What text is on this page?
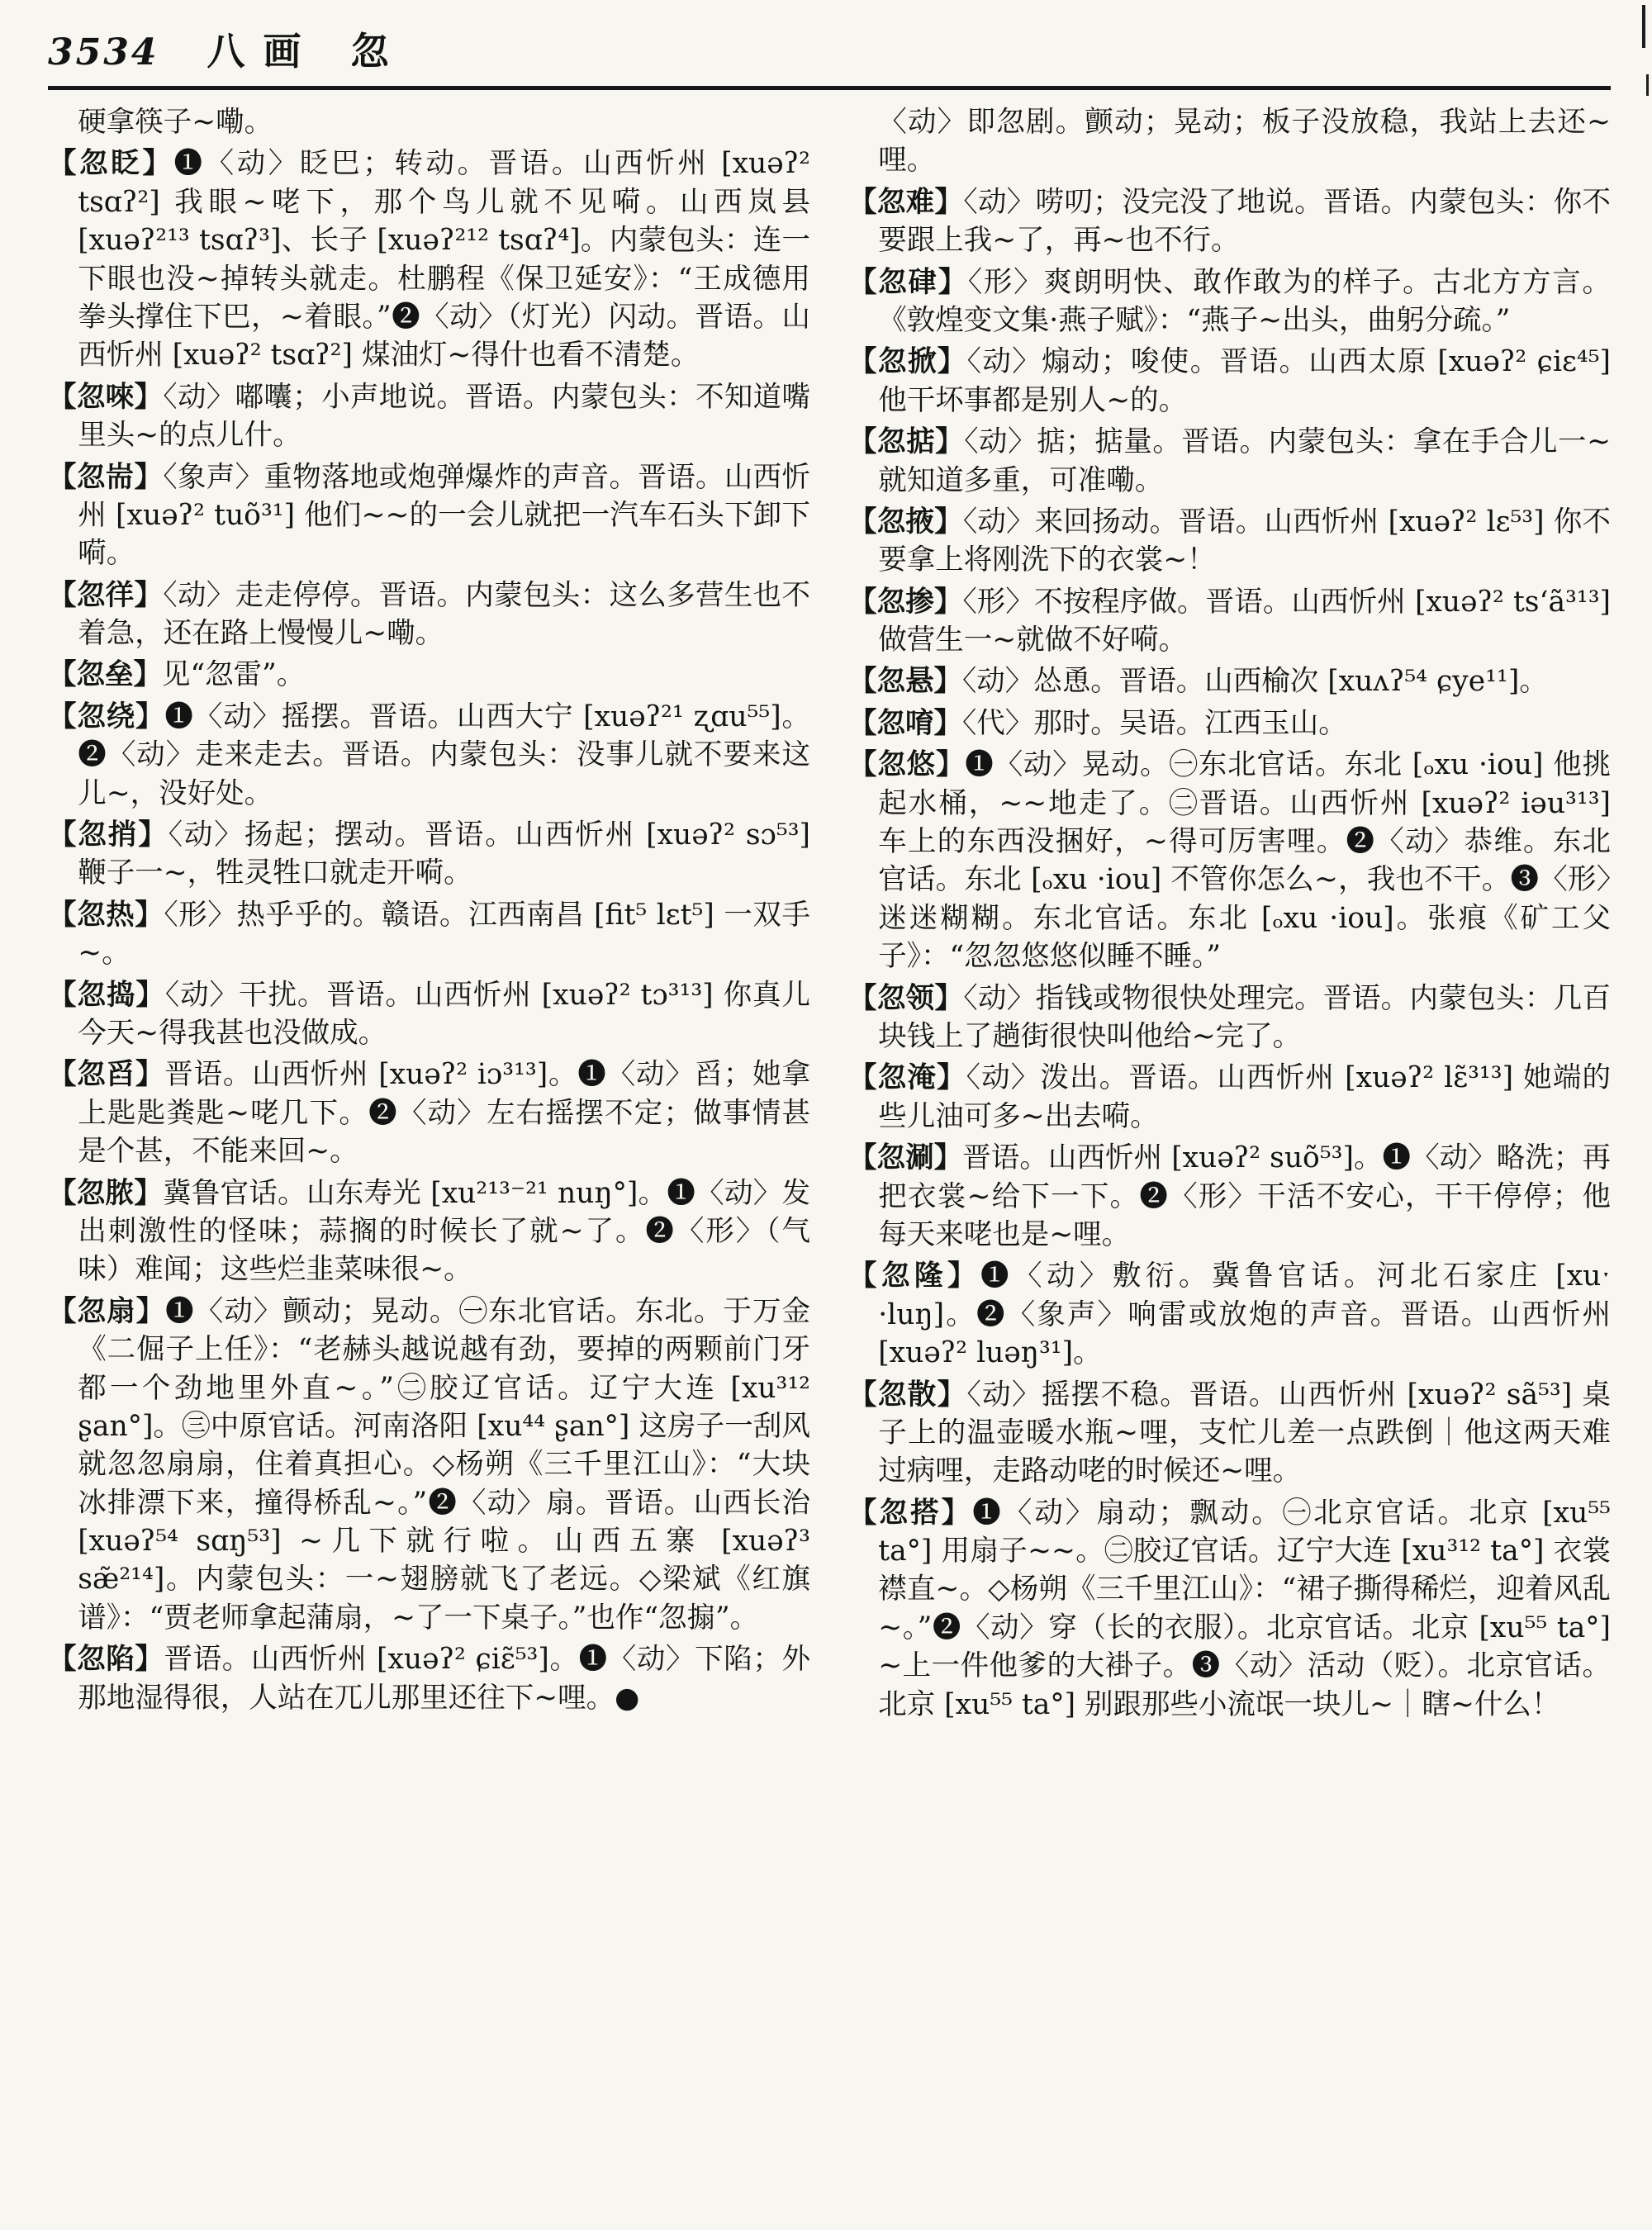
3534 八画 忽

硬拿筷子~嘞。

【忽眨】❶〈动〉眨巴；转动。晋语。山西忻州 [xuəʔ² tsɑʔ²] 我眼~咾下，那个鸟儿就不见嗬。山西岚县 [xuəʔ²¹³ tsɑʔ³]、长子 [xuəʔ²¹² tsɑʔ⁴]。内蒙包头：连一下眼也没~掉转头就走。杜鹏程《保卫延安》：“王成德用拳头撑住下巴，~着眼。”❷〈动〉（灯光）闪动。晋语。山西忻州 [xuəʔ² tsɑʔ²] 煤油灯~得什也看不清楚。

【忽唻】〈动〉嘟囔；小声地说。晋语。内蒙包头：不知道嘴里头~的点儿什。

【忽耑】〈象声〉重物落地或炮弹爆炸的声音。晋语。山西忻州 [xuəʔ² tuõ³¹] 他们~~的一会儿就把一汽车石头下卸下嗬。

【忽徉】〈动〉走走停停。晋语。内蒙包头：这么多营生也不着急，还在路上慢慢儿~嘞。

【忽垒】见“忽雷”。

【忽绕】❶〈动〉摇摆。晋语。山西大宁 [xuəʔ²¹ ʐɑu⁵⁵]。❷〈动〉走来走去。晋语。内蒙包头：没事儿就不要来这儿~，没好处。

【忽捎】〈动〉扬起；摆动。晋语。山西忻州 [xuəʔ² sɔ⁵³] 鞭子一~，牲灵牲口就走开嗬。

【忽热】〈形〉热乎乎的。赣语。江西南昌 [fit⁵ lɛt⁵] 一双手~。

【忽捣】〈动〉干扰。晋语。山西忻州 [xuəʔ² tɔ³¹³] 你真儿今天~得我甚也没做成。

【忽舀】晋语。山西忻州 [xuəʔ² iɔ³¹³]。❶〈动〉舀；她拿上匙匙粪匙~咾几下。❷〈动〉左右摇摆不定；做事情甚是个甚，不能来回~。

【忽脓】冀鲁官话。山东寿光 [xu²¹³⁻²¹ nuŋ°]。❶〈动〉发出刺激性的怪味；蒜搁的时候长了就~了。❷〈形〉（气味）难闻；这些烂韭菜味很~。

【忽扇】❶〈动〉颤动；晃动。㊀东北官话。东北。于万金《二倔子上任》：“老赫头越说越有劲，要掉的两颗前门牙都一个劲地里外直~。”㊁胶辽官话。辽宁大连 [xu³¹² ʂan°]。㊂中原官话。河南洛阳 [xu⁴⁴ ʂan°] 这房子一刮风就忽忽扇扇，住着真担心。◇杨朔《三千里江山》：“大块冰排漂下来，撞得桥乱~。”❷〈动〉扇。晋语。山西长治 [xuəʔ⁵⁴ sɑŋ⁵³] ~几下就行啦。山西五寨 [xuəʔ³ sæ̃²¹⁴]。内蒙包头：一~翅膀就飞了老远。◇梁斌《红旗谱》：“贾老师拿起蒲扇，~了一下桌子。”也作“忽搧”。

【忽陷】晋语。山西忻州 [xuəʔ² ɕiɛ̃⁵³]。❶〈动〉下陷；外那地湿得很，人站在兀儿那里还往下~哩。●

〈动〉即忽剧。颤动；晃动；板子没放稳，我站上去还~哩。

【忽难】〈动〉唠叨；没完没了地说。晋语。内蒙包头：你不要跟上我~了，再~也不行。

【忽硉】〈形〉爽朗明快、敢作敢为的样子。古北方方言。《敦煌变文集·燕子赋》：“燕子~出头，曲躬分疏。”

【忽掀】〈动〉煽动；唆使。晋语。山西太原 [xuəʔ² ɕiɛ⁴⁵] 他干坏事都是别人~的。

【忽掂】〈动〉掂；掂量。晋语。内蒙包头：拿在手合儿一~就知道多重，可准嘞。

【忽掖】〈动〉来回扬动。晋语。山西忻州 [xuəʔ² lɛ⁵³] 你不要拿上将刚洗下的衣裳~！

【忽掺】〈形〉不按程序做。晋语。山西忻州 [xuəʔ² tsʻã³¹³] 做营生一~就做不好嗬。

【忽悬】〈动〉怂恿。晋语。山西榆次 [xuʌʔ⁵⁴ ɕye¹¹]。

【忽唷】〈代〉那时。吴语。江西玉山。

【忽悠】❶〈动〉晃动。㊀东北官话。东北 [ₒxu ·iou] 他挑起水桶，~~地走了。㊁晋语。山西忻州 [xuəʔ² iəu³¹³] 车上的东西没捆好，~得可厉害哩。❷〈动〉恭维。东北官话。东北 [ₒxu ·iou] 不管你怎么~，我也不干。❸〈形〉迷迷糊糊。东北官话。东北 [ₒxu ·iou]。张痕《矿工父子》：“忽忽悠悠似睡不睡。”

【忽领】〈动〉指钱或物很快处理完。晋语。内蒙包头：几百块钱上了趟街很快叫他给~完了。

【忽淹】〈动〉泼出。晋语。山西忻州 [xuəʔ² lɛ̃³¹³] 她端的些儿油可多~出去嗬。

【忽涮】晋语。山西忻州 [xuəʔ² suõ⁵³]。❶〈动〉略洗；再把衣裳~给下一下。❷〈形〉干活不安心，干干停停；他每天来咾也是~哩。

【忽隆】❶〈动〉敷衍。冀鲁官话。河北石家庄 [xuˑ ·luŋ]。❷〈象声〉响雷或放炮的声音。晋语。山西忻州 [xuəʔ² luəŋ³¹]。

【忽散】〈动〉摇摆不稳。晋语。山西忻州 [xuəʔ² sã⁵³] 桌子上的温壶暖水瓶~哩，支忙儿差一点跌倒｜他这两天难过病哩，走路动咾的时候还~哩。

【忽搭】❶〈动〉扇动；飘动。㊀北京官话。北京 [xu⁵⁵ ta°] 用扇子~~。㊁胶辽官话。辽宁大连 [xu³¹² ta°] 衣裳襟直~。◇杨朔《三千里江山》：“裙子撕得稀烂，迎着风乱~。”❷〈动〉穿（长的衣服）。北京官话。北京 [xu⁵⁵ ta°] ~上一件他爹的大褂子。❸〈动〉活动（贬）。北京官话。北京 [xu⁵⁵ ta°] 别跟那些小流氓一块儿~｜瞎~什么！
